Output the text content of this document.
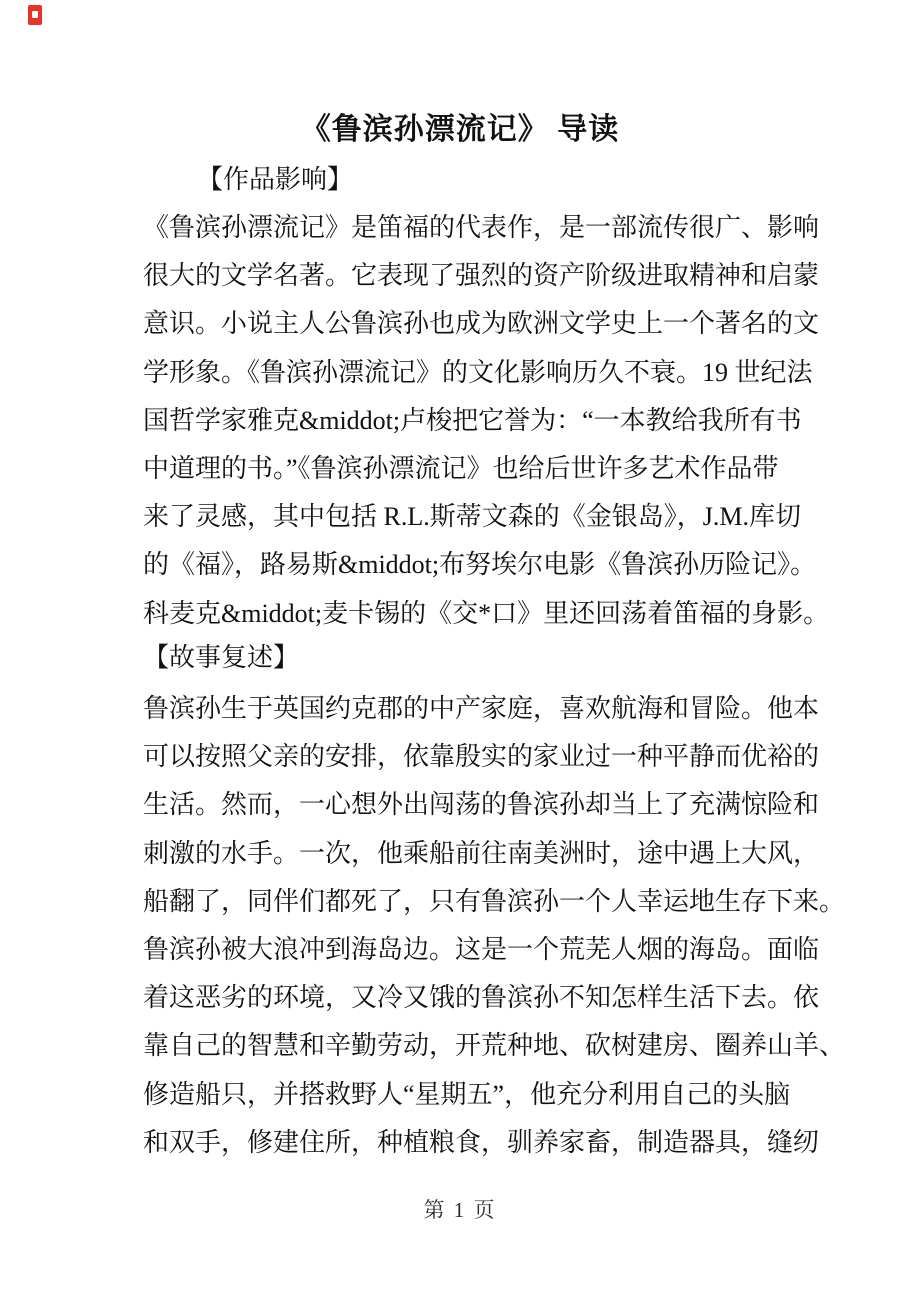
《鲁滨孙漂流记》 导读
【作品影响】
《鲁滨孙漂流记》是笛福的代表作，是一部流传很广、影响
很大的文学名著。它表现了强烈的资产阶级进取精神和启蒙
意识。小说主人公鲁滨孙也成为欧洲文学史上一个著名的文
学形象。《鲁滨孙漂流记》的文化影响历久不衰。19 世纪法
国哲学家雅克&middot;卢梭把它誉为：“一本教给我所有书
中道理的书。”《鲁滨孙漂流记》也给后世许多艺术作品带
来了灵感，其中包括 R.L.斯蒂文森的《金银岛》，J.M.库切
的《福》，路易斯&middot;布努埃尔电影《鲁滨孙历险记》。
科麦克&middot;麦卡锡的《交*口》里还回荡着笛福的身影。
【故事复述】
鲁滨孙生于英国约克郡的中产家庭，喜欢航海和冒险。他本
可以按照父亲的安排，依靠殷实的家业过一种平静而优裕的
生活。然而，一心想外出闯荡的鲁滨孙却当上了充满惊险和
刺激的水手。一次，他乘船前往南美洲时，途中遇上大风，
船翻了，同伴们都死了，只有鲁滨孙一个人幸运地生存下来。
鲁滨孙被大浪冲到海岛边。这是一个荒芜人烟的海岛。面临
着这恶劣的环境，又冷又饿的鲁滨孙不知怎样生活下去。依
靠自己的智慧和辛勤劳动，开荒种地、砍树建房、圈养山羊、
修造船只，并搭救野人“星期五”，他充分利用自己的头脑
和双手，修建住所，种植粮食，驯养家畜，制造器具，缝纫
第 1 页
